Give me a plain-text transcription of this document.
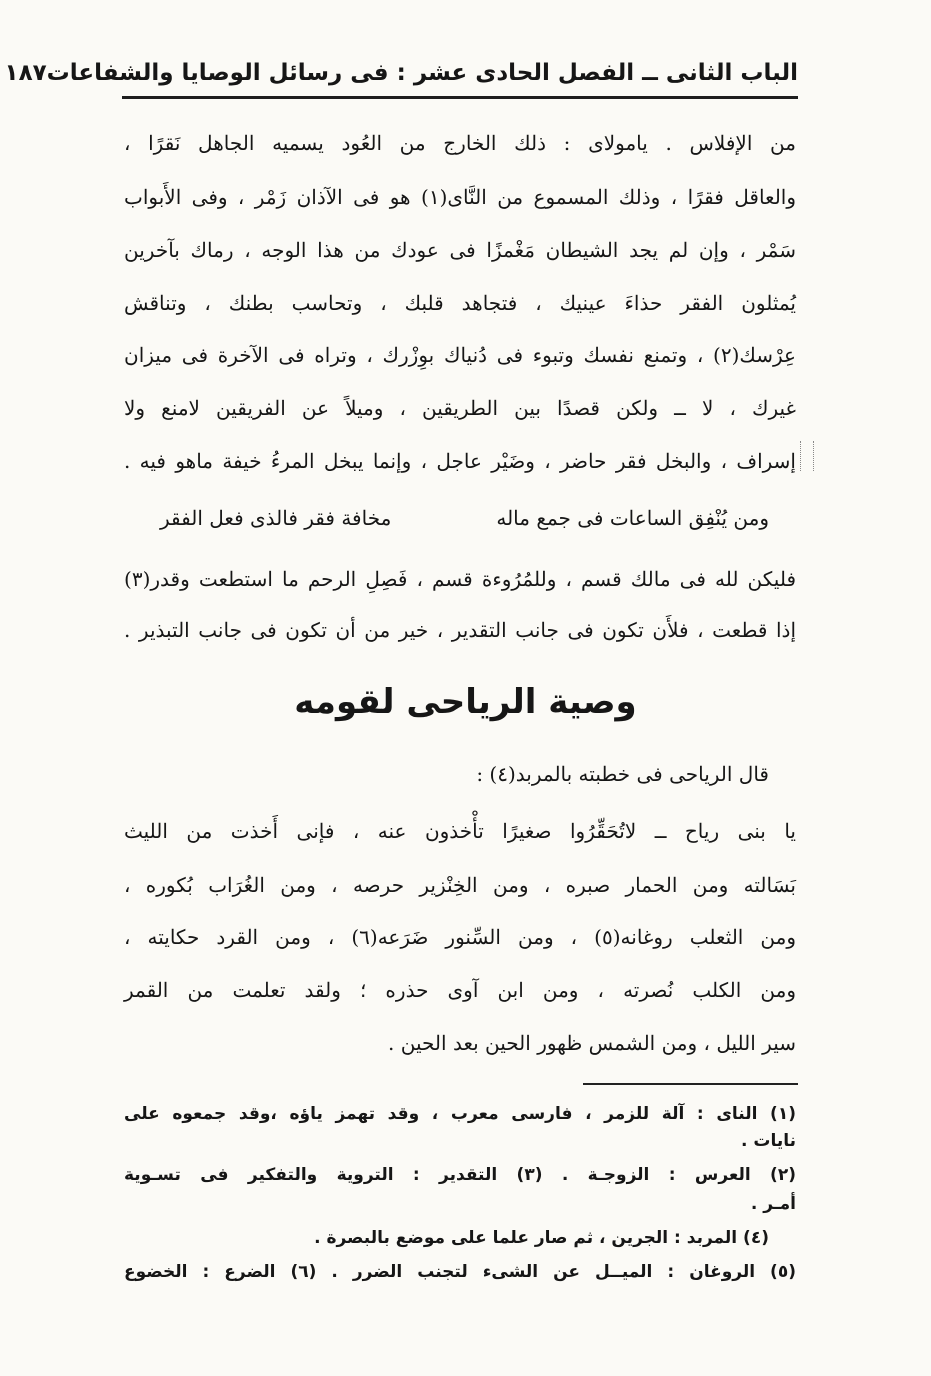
الباب الثانى ــ الفصل الحادى عشر : فى رسائل الوصايا والشفاعات
١٨٧
من الإفلاس . يامولاى : ذلك الخارج من العُود يسميه الجاهل نَقرًا ،
والعاقل فقرًا ، وذلك المسموع من النَّاى(١) هو فى الآذان زَمْر ، وفى الأَبواب
سَمْر ، وإن لم يجد الشيطان مَغْمزًا فى عودك من هذا الوجه ، رماك بآخرين
يُمثلون الفقر حذاءَ عينيك ، فتجاهد قلبك ، وتحاسب بطنك ، وتناقش
عِرْسك(٢) ، وتمنع نفسك وتبوء فى دُنياك بوِزْرك ، وتراه فى الآخرة فى ميزان
غيرك ، لا ــ ولكن قصدًا بين الطريقين ، وميلاً عن الفريقين لامنع ولا
إسراف ، والبخل فقر حاضر ، وضَيْر عاجل ، وإنما يبخل المرءُ خيفة ماهو فيه .
ومن يُنْفِق الساعات فى جمع ماله
مخافة فقر فالذى فعل الفقر
فليكن لله فى مالك قسم ، وللمُرُوءة قسم ، فَصِلِ الرحم ما استطعت وقدر(٣)
إذا قطعت ، فلأَن تكون فى جانب التقدير ، خير من أن تكون فى جانب التبذير .
وصية الرياحى لقومه
قال الرياحى فى خطبته بالمربد(٤) :
يا بنى رياح ــ لاتُحَقِّرُوا صغيرًا تأْخذون عنه ، فإنى أَخذت من الليث
بَسَالته ومن الحمار صبره ، ومن الخِنْزير حرصه ، ومن الغُرَاب بُكوره ،
ومن الثعلب روغانه(٥) ، ومن السِّنور ضَرَعه(٦) ، ومن القرد حكايته ،
ومن الكلب نُصرته ، ومن ابن آوى حذره ؛ ولقد تعلمت من القمر
سير الليل ، ومن الشمس ظهور الحين بعد الحين .
(١) النای : آلة للزمر ، فارسى معرب ، وقد تهمز ياؤه ،وقد جمعوه على
نايات .
(٢) العرس : الزوجـة . (٣) التقدير : التروية والتفكير فى تسـوية
أمـر .
(٤) المربد : الجرين ، ثم صار علما على موضع بالبصرة .
(٥) الروغان : الميــل عن الشىء لتجنب الضرر . (٦) الضرع : الخضوع
